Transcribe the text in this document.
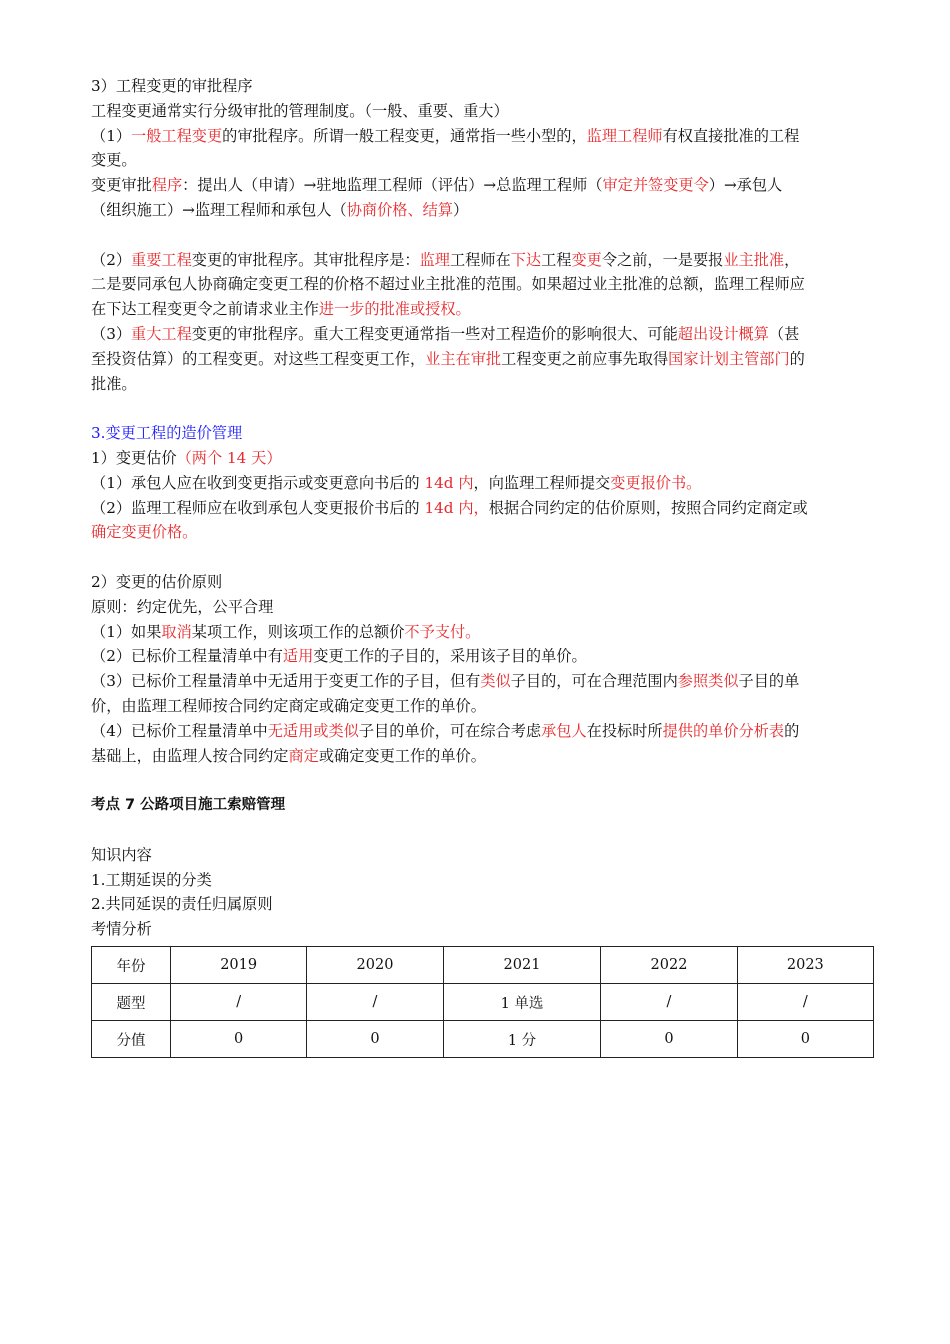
3）工程变更的审批程序
工程变更通常实行分级审批的管理制度。（一般、重要、重大）
（1）一般工程变更的审批程序。所谓一般工程变更，通常指一些小型的，监理工程师有权直接批准的工程
变更。
变更审批程序：提出人（申请）→驻地监理工程师（评估）→总监理工程师（审定并签变更令）→承包人
（组织施工）→监理工程师和承包人（协商价格、结算）
（2）重要工程变更的审批程序。其审批程序是：监理工程师在下达工程变更令之前，一是要报业主批准，
二是要同承包人协商确定变更工程的价格不超过业主批准的范围。如果超过业主批准的总额，监理工程师应
在下达工程变更令之前请求业主作进一步的批准或授权。
（3）重大工程变更的审批程序。重大工程变更通常指一些对工程造价的影响很大、可能超出设计概算（甚
至投资估算）的工程变更。对这些工程变更工作，业主在审批工程变更之前应事先取得国家计划主管部门的
批准。
3.变更工程的造价管理
1）变更估价（两个 14 天）
（1）承包人应在收到变更指示或变更意向书后的 14d 内，向监理工程师提交变更报价书。
（2）监理工程师应在收到承包人变更报价书后的 14d 内，根据合同约定的估价原则，按照合同约定商定或
确定变更价格。
2）变更的估价原则
原则：约定优先，公平合理
（1）如果取消某项工作，则该项工作的总额价不予支付。
（2）已标价工程量清单中有适用变更工作的子目的，采用该子目的单价。
（3）已标价工程量清单中无适用于变更工作的子目，但有类似子目的，可在合理范围内参照类似子目的单
价，由监理工程师按合同约定商定或确定变更工作的单价。
（4）已标价工程量清单中无适用或类似子目的单价，可在综合考虑承包人在投标时所提供的单价分析表的
基础上，由监理人按合同约定商定或确定变更工作的单价。
考点 7 公路项目施工索赔管理
知识内容
1.工期延误的分类
2.共同延误的责任归属原则
考情分析
年份	2019	2020	2021	2022	2023
题型	/	/	1 单选	/	/
分值	0	0	1 分	0	0
